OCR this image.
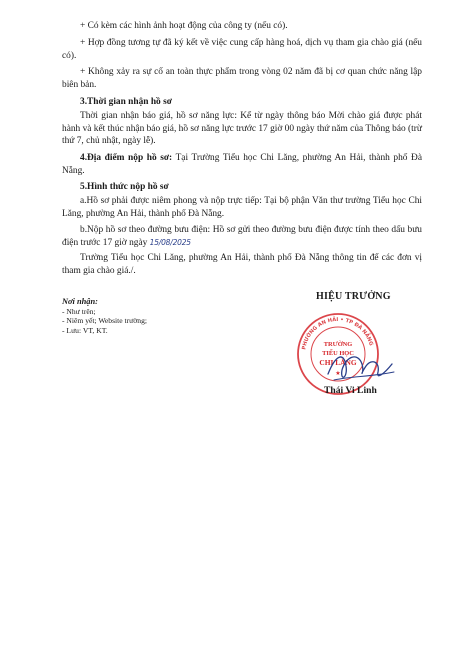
+ Có kèm các hình ảnh hoạt động của công ty (nếu có).

+ Hợp đồng tương tự đã ký kết về việc cung cấp hàng hoá, dịch vụ tham gia chào giá (nếu có).

+ Không xảy ra sự cố an toàn thực phẩm trong vòng 02 năm đã bị cơ quan chức năng lập biên bản.

3.Thời gian nhận hồ sơ

Thời gian nhận báo giá, hồ sơ năng lực: Kể từ ngày thông báo Mời chào giá được phát hành và kết thúc nhận báo giá, hồ sơ năng lực trước 17 giờ 00 ngày thứ năm của Thông báo (trừ thứ 7, chủ nhật, ngày lễ).

4.Địa điểm nộp hồ sơ: Tại Trường Tiểu học Chi Lăng, phường An Hải, thành phố Đà Nẵng.

5.Hình thức nộp hồ sơ

a.Hồ sơ phải được niêm phong và nộp trực tiếp: Tại bộ phận Văn thư trường Tiểu học Chi Lăng, phường An Hải, thành phố Đà Nẵng.

b.Nộp hồ sơ theo đường bưu điện: Hồ sơ gửi theo đường bưu điện được tính theo dấu bưu điện trước 17 giờ ngày 15/08/2025

Trường Tiểu học Chi Lăng, phường An Hải, thành phố Đà Nẵng thông tin để các đơn vị tham gia chào giá./.

Nơi nhận:
- Như trên;
- Niêm yết; Website trường;
- Lưu: VT, KT.
PHƯỜNG AN HẢI • TP ĐÀ NẴNG
TRƯỜNG
TIỂU HỌC
CHI LĂNG
★
HIỆU TRƯỞNG
Thái Vi Linh
